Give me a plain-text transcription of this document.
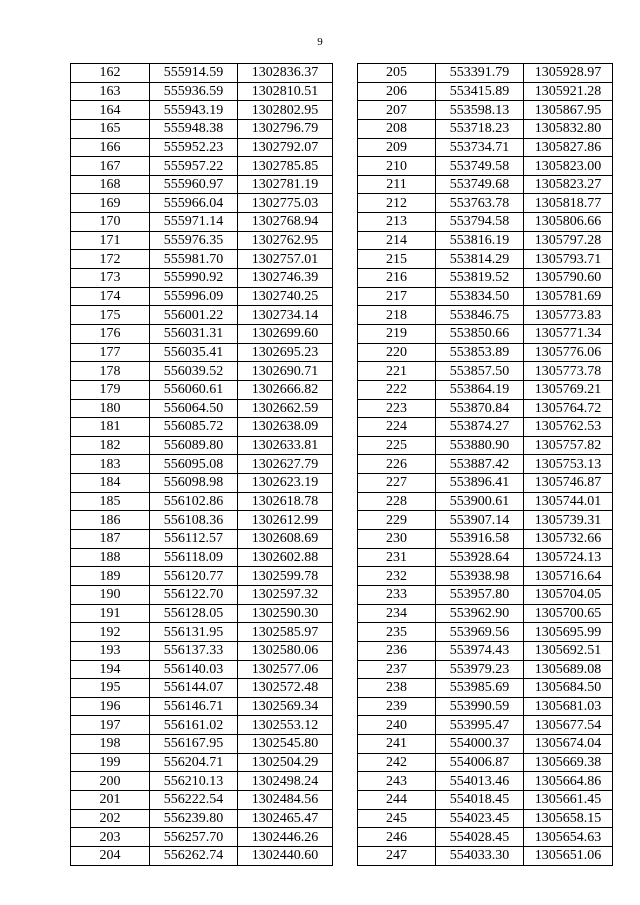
9
162	555914.59	1302836.37
163	555936.59	1302810.51
164	555943.19	1302802.95
165	555948.38	1302796.79
166	555952.23	1302792.07
167	555957.22	1302785.85
168	555960.97	1302781.19
169	555966.04	1302775.03
170	555971.14	1302768.94
171	555976.35	1302762.95
172	555981.70	1302757.01
173	555990.92	1302746.39
174	555996.09	1302740.25
175	556001.22	1302734.14
176	556031.31	1302699.60
177	556035.41	1302695.23
178	556039.52	1302690.71
179	556060.61	1302666.82
180	556064.50	1302662.59
181	556085.72	1302638.09
182	556089.80	1302633.81
183	556095.08	1302627.79
184	556098.98	1302623.19
185	556102.86	1302618.78
186	556108.36	1302612.99
187	556112.57	1302608.69
188	556118.09	1302602.88
189	556120.77	1302599.78
190	556122.70	1302597.32
191	556128.05	1302590.30
192	556131.95	1302585.97
193	556137.33	1302580.06
194	556140.03	1302577.06
195	556144.07	1302572.48
196	556146.71	1302569.34
197	556161.02	1302553.12
198	556167.95	1302545.80
199	556204.71	1302504.29
200	556210.13	1302498.24
201	556222.54	1302484.56
202	556239.80	1302465.47
203	556257.70	1302446.26
204	556262.74	1302440.60
205	553391.79	1305928.97
206	553415.89	1305921.28
207	553598.13	1305867.95
208	553718.23	1305832.80
209	553734.71	1305827.86
210	553749.58	1305823.00
211	553749.68	1305823.27
212	553763.78	1305818.77
213	553794.58	1305806.66
214	553816.19	1305797.28
215	553814.29	1305793.71
216	553819.52	1305790.60
217	553834.50	1305781.69
218	553846.75	1305773.83
219	553850.66	1305771.34
220	553853.89	1305776.06
221	553857.50	1305773.78
222	553864.19	1305769.21
223	553870.84	1305764.72
224	553874.27	1305762.53
225	553880.90	1305757.82
226	553887.42	1305753.13
227	553896.41	1305746.87
228	553900.61	1305744.01
229	553907.14	1305739.31
230	553916.58	1305732.66
231	553928.64	1305724.13
232	553938.98	1305716.64
233	553957.80	1305704.05
234	553962.90	1305700.65
235	553969.56	1305695.99
236	553974.43	1305692.51
237	553979.23	1305689.08
238	553985.69	1305684.50
239	553990.59	1305681.03
240	553995.47	1305677.54
241	554000.37	1305674.04
242	554006.87	1305669.38
243	554013.46	1305664.86
244	554018.45	1305661.45
245	554023.45	1305658.15
246	554028.45	1305654.63
247	554033.30	1305651.06
